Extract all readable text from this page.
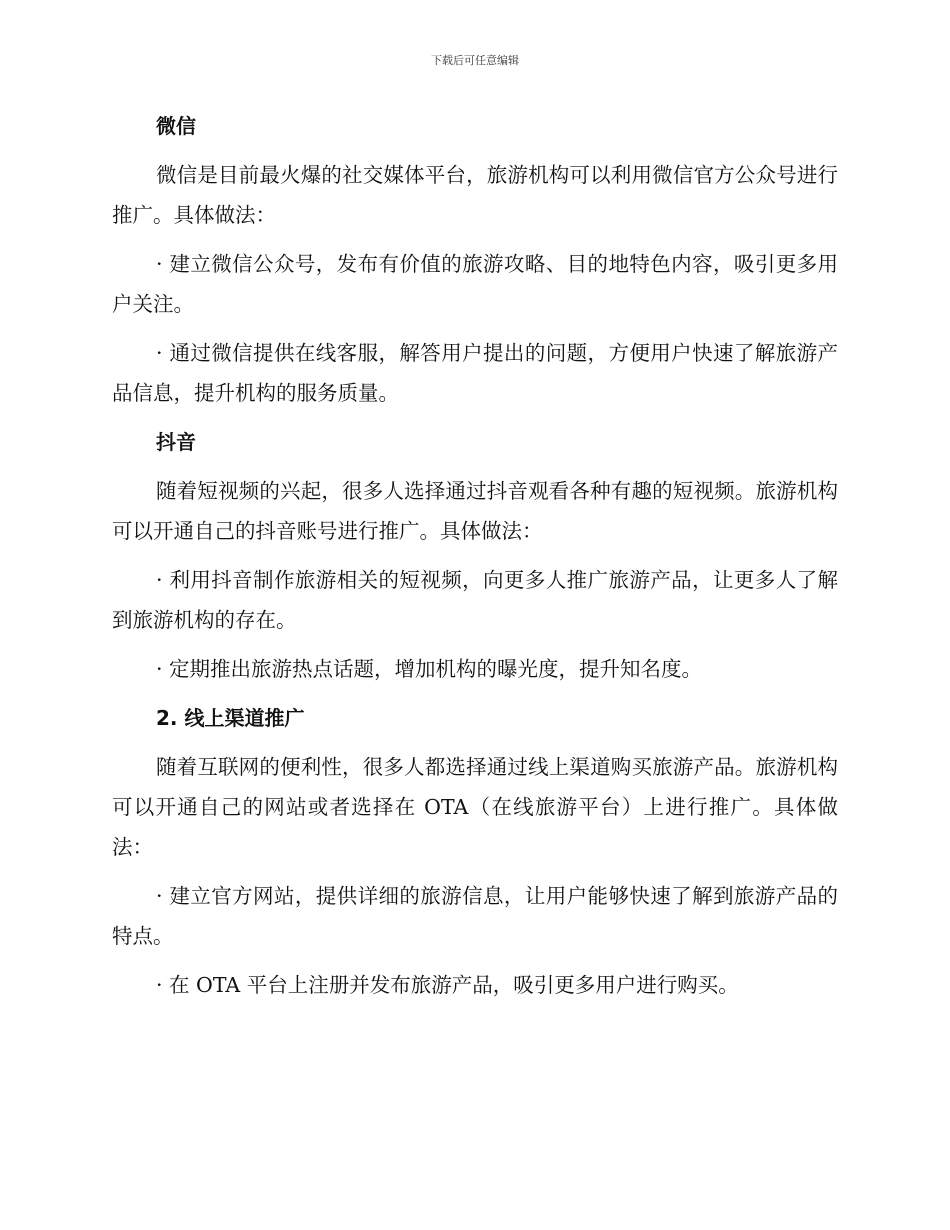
下载后可任意编辑
微信

微信是目前最火爆的社交媒体平台，旅游机构可以利用微信官方公众号进行推广。具体做法：

· 建立微信公众号，发布有价值的旅游攻略、目的地特色内容，吸引更多用户关注。

· 通过微信提供在线客服，解答用户提出的问题，方便用户快速了解旅游产品信息，提升机构的服务质量。

抖音

随着短视频的兴起，很多人选择通过抖音观看各种有趣的短视频。旅游机构可以开通自己的抖音账号进行推广。具体做法：

· 利用抖音制作旅游相关的短视频，向更多人推广旅游产品，让更多人了解到旅游机构的存在。

· 定期推出旅游热点话题，增加机构的曝光度，提升知名度。

2. 线上渠道推广

随着互联网的便利性，很多人都选择通过线上渠道购买旅游产品。旅游机构可以开通自己的网站或者选择在 OTA（在线旅游平台）上进行推广。具体做法：

· 建立官方网站，提供详细的旅游信息，让用户能够快速了解到旅游产品的特点。

· 在 OTA 平台上注册并发布旅游产品，吸引更多用户进行购买。
